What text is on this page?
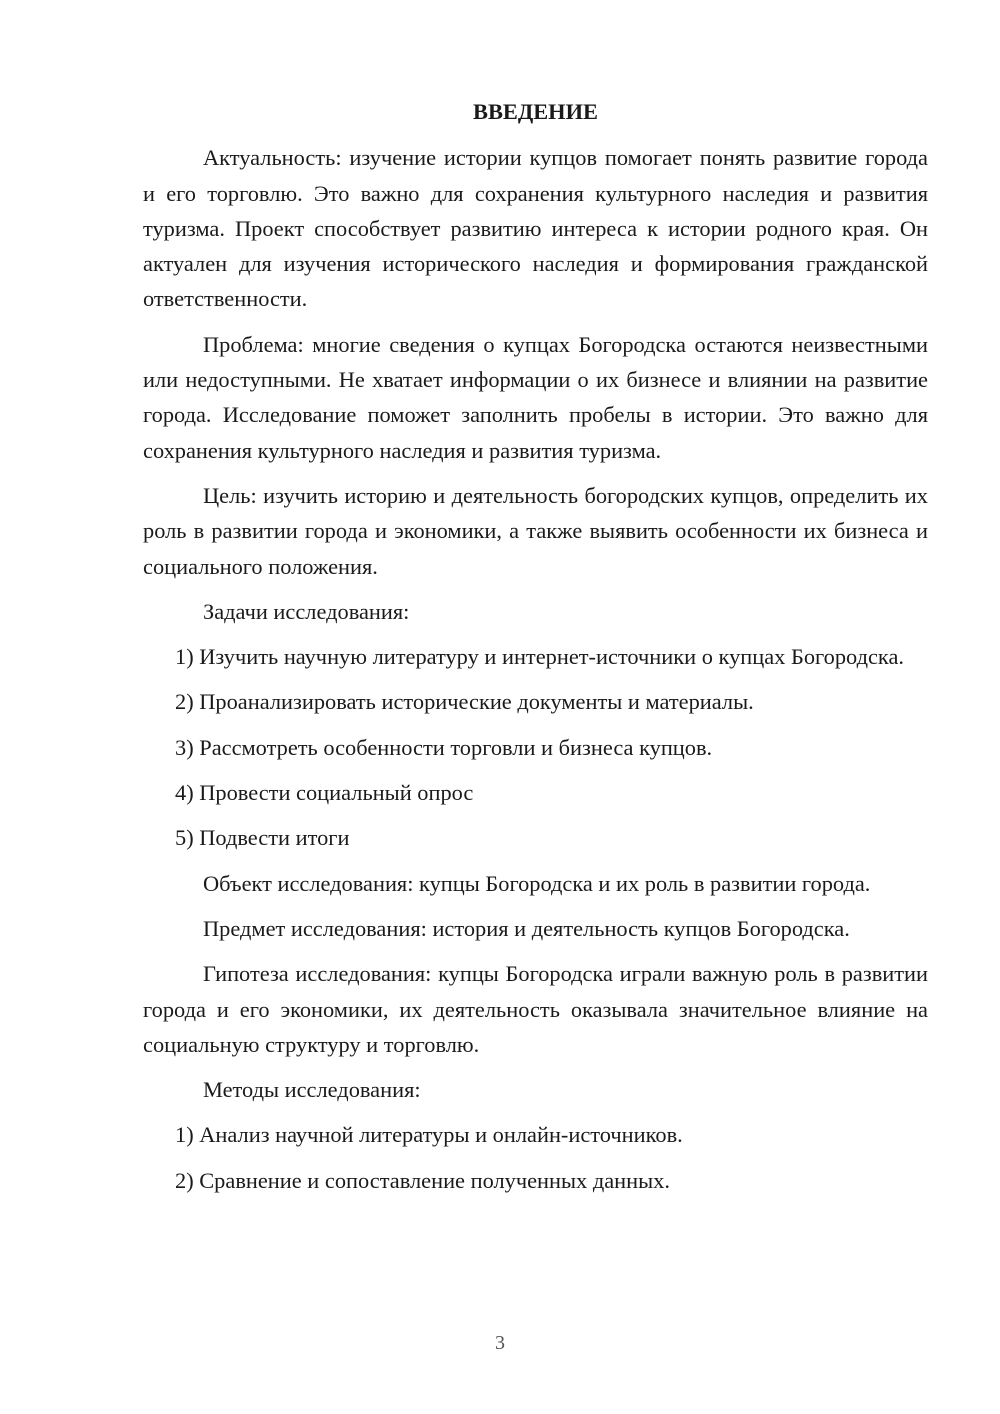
ВВЕДЕНИЕ

Актуальность: изучение истории купцов помогает понять развитие города и его торговлю. Это важно для сохранения культурного наследия и развития туризма. Проект способствует развитию интереса к истории родного края. Он актуален для изучения исторического наследия и формирования гражданской ответственности.

Проблема: многие сведения о купцах Богородска остаются неизвестными или недоступными. Не хватает информации о их бизнесе и влиянии на развитие города. Исследование поможет заполнить пробелы в истории. Это важно для сохранения культурного наследия и развития туризма.

Цель: изучить историю и деятельность богородских купцов, определить их роль в развитии города и экономики, а также выявить особенности их бизнеса и социального положения.

Задачи исследования:

1) Изучить научную литературу и интернет-источники о купцах Богородска.

2) Проанализировать исторические документы и материалы.

3) Рассмотреть особенности торговли и бизнеса купцов.

4) Провести социальный опрос

5) Подвести итоги

Объект исследования: купцы Богородска и их роль в развитии города.

Предмет исследования: история и деятельность купцов Богородска.

Гипотеза исследования: купцы Богородска играли важную роль в развитии города и его экономики, их деятельность оказывала значительное влияние на социальную структуру и торговлю.

Методы исследования:

1) Анализ научной литературы и онлайн-источников.

2) Сравнение и сопоставление полученных данных.

3
